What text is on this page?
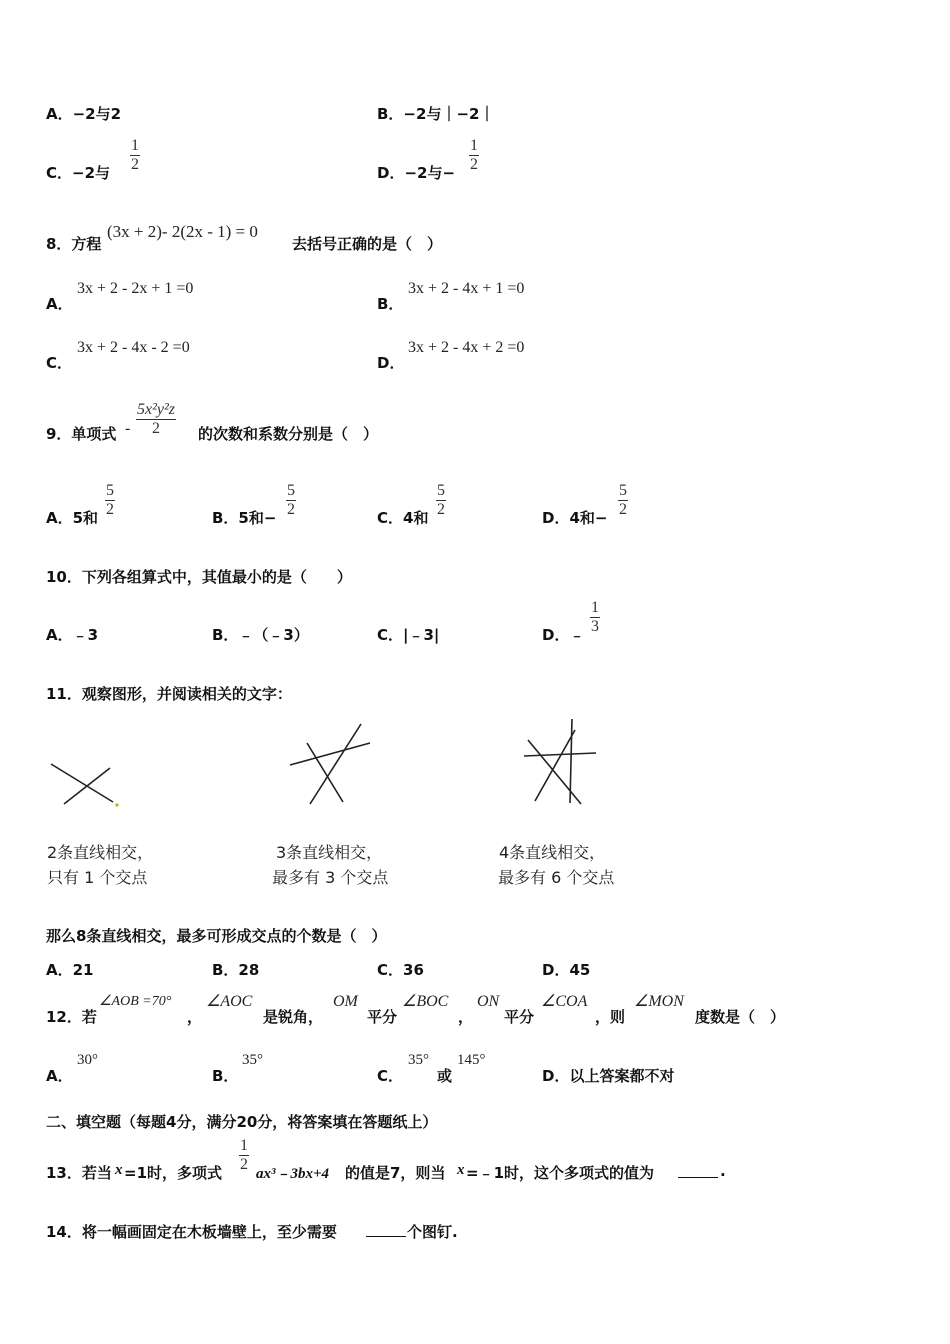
A．−2与2	B．−2与｜−2｜
C．−2与
1
2	D．−2与−
1
2
8．方程
(3x + 2)- 2(2x - 1) = 0
去括号正确的是（　）
A．
3x + 2 - 2x + 1 =0
B．
3x + 2 - 4x + 1 =0
C．
3x + 2 - 4x - 2 =0
D．
3x + 2 - 4x + 2 =0
9．单项式 -
5x²y²z
2	的次数和系数分别是（　）
A．5和
5
2	B．5和−
5
2	C．4和
5
2	D．4和−
5
2
10．下列各组算式中，其值最小的是（　　）
A．﹣3	B．﹣（﹣3）	C．|﹣3|	D．﹣
1
3
11．观察图形，并阅读相关的文字：
2条直线相交，
只有 1 个交点
3条直线相交，
最多有 3 个交点
4条直线相交，
最多有 6 个交点
那么8条直线相交，最多可形成交点的个数是（　）
A．21	B．28	C．36	D．45
12．若
∠AOB =70°
，
∠AOC
是锐角，
OM
平分
∠BOC
，
ON
平分
∠COA
，则
∠MON
度数是（　）
A．
30°
B．
35°
C．
35°
或
145°
D．以上答案都不对
二、填空题（每题4分，满分20分，将答案填在答题纸上）
13．若当 x =1时，多项式
1
2
ax³﹣3bx+4 的值是7，则当 x =﹣1时，这个多项式的值为	.
14．将一幅画固定在木板墙壁上，至少需要	个图钉.
